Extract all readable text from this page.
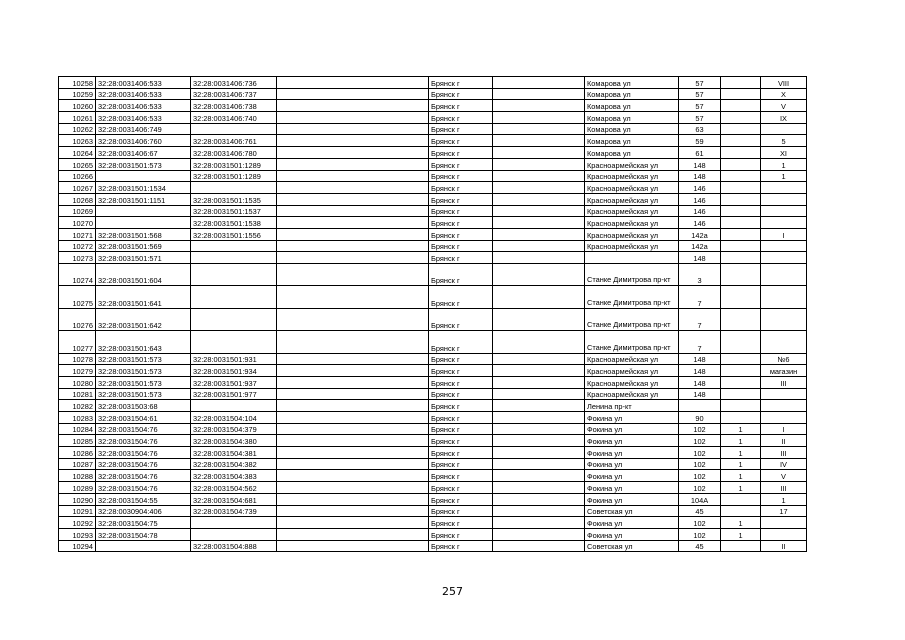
10258	32:28:0031406:533	32:28:0031406:736		Брянск г		Комарова ул	57		VIII
10259	32:28:0031406:533	32:28:0031406:737		Брянск г		Комарова ул	57		X
10260	32:28:0031406:533	32:28:0031406:738		Брянск г		Комарова ул	57		V
10261	32:28:0031406:533	32:28:0031406:740		Брянск г		Комарова ул	57		IX
10262	32:28:0031406:749			Брянск г		Комарова ул	63		
10263	32:28:0031406:760	32:28:0031406:761		Брянск г		Комарова ул	59		5
10264	32:28:0031406:67	32:28:0031406:780		Брянск г		Комарова ул	61		XI
10265	32:28:0031501:573	32:28:0031501:1289		Брянск г		Красноармейская ул	148		1
10266		32:28:0031501:1289		Брянск г		Красноармейская ул	148		1
10267	32:28:0031501:1534			Брянск г		Красноармейская ул	146		
10268	32:28:0031501:1151	32:28:0031501:1535		Брянск г		Красноармейская ул	146		
10269		32:28:0031501:1537		Брянск г		Красноармейская ул	146		
10270		32:28:0031501:1538		Брянск г		Красноармейская ул	146		
10271	32:28:0031501:568	32:28:0031501:1556		Брянск г		Красноармейская ул	142а		I
10272	32:28:0031501:569			Брянск г		Красноармейская ул	142а		
10273	32:28:0031501:571			Брянск г			148		
10274	32:28:0031501:604			Брянск г		Станке Димитрова пр-кт	3		
10275	32:28:0031501:641			Брянск г		Станке Димитрова пр-кт	7		
10276	32:28:0031501:642			Брянск г		Станке Димитрова пр-кт	7		
10277	32:28:0031501:643			Брянск г		Станке Димитрова пр-кт	7		
10278	32:28:0031501:573	32:28:0031501:931		Брянск г		Красноармейская ул	148		№6
10279	32:28:0031501:573	32:28:0031501:934		Брянск г		Красноармейская ул	148		магазин
10280	32:28:0031501:573	32:28:0031501:937		Брянск г		Красноармейская ул	148		III
10281	32:28:0031501:573	32:28:0031501:977		Брянск г		Красноармейская ул	148		
10282	32:28:0031503:68			Брянск г		Ленина пр-кт			
10283	32:28:0031504:61	32:28:0031504:104		Брянск г		Фокина ул	90		
10284	32:28:0031504:76	32:28:0031504:379		Брянск г		Фокина ул	102	1	I
10285	32:28:0031504:76	32:28:0031504:380		Брянск г		Фокина ул	102	1	II
10286	32:28:0031504:76	32:28:0031504:381		Брянск г		Фокина ул	102	1	III
10287	32:28:0031504:76	32:28:0031504:382		Брянск г		Фокина ул	102	1	IV
10288	32:28:0031504:76	32:28:0031504:383		Брянск г		Фокина ул	102	1	V
10289	32:28:0031504:76	32:28:0031504:562		Брянск г		Фокина ул	102	1	III
10290	32:28:0031504:55	32:28:0031504:681		Брянск г		Фокина ул	104А		1
10291	32:28:0030904:406	32:28:0031504:739		Брянск г		Советская ул	45		17
10292	32:28:0031504:75			Брянск г		Фокина ул	102	1	
10293	32:28:0031504:78			Брянск г		Фокина ул	102	1	
10294		32:28:0031504:888		Брянск г		Советская ул	45		II
257
